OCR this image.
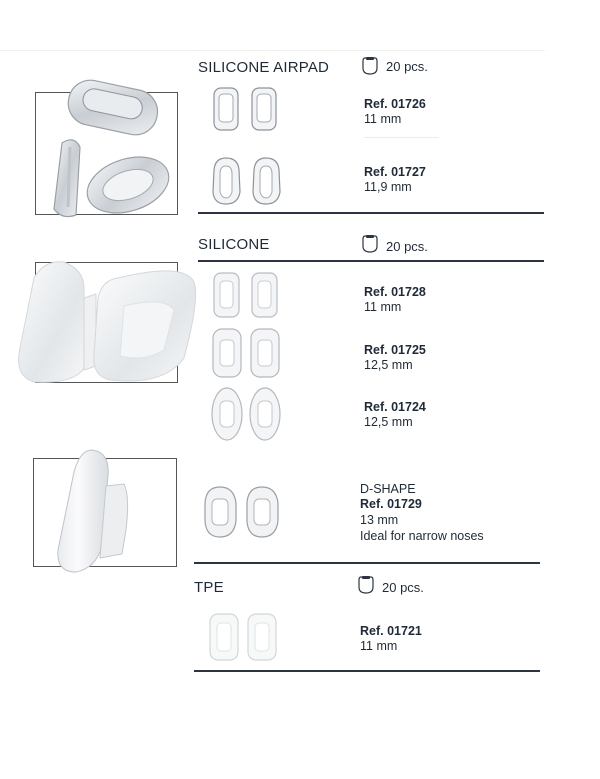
SILICONE AIRPAD	20 pcs.
Ref. 01726
11 mm
Ref. 01727
11,9 mm
SILICONE	20 pcs.
Ref. 01728
11 mm
Ref. 01725
12,5 mm
Ref. 01724
12,5 mm
D-SHAPE
Ref. 01729
13 mm
Ideal for narrow noses
TPE	20 pcs.
Ref. 01721
11 mm
